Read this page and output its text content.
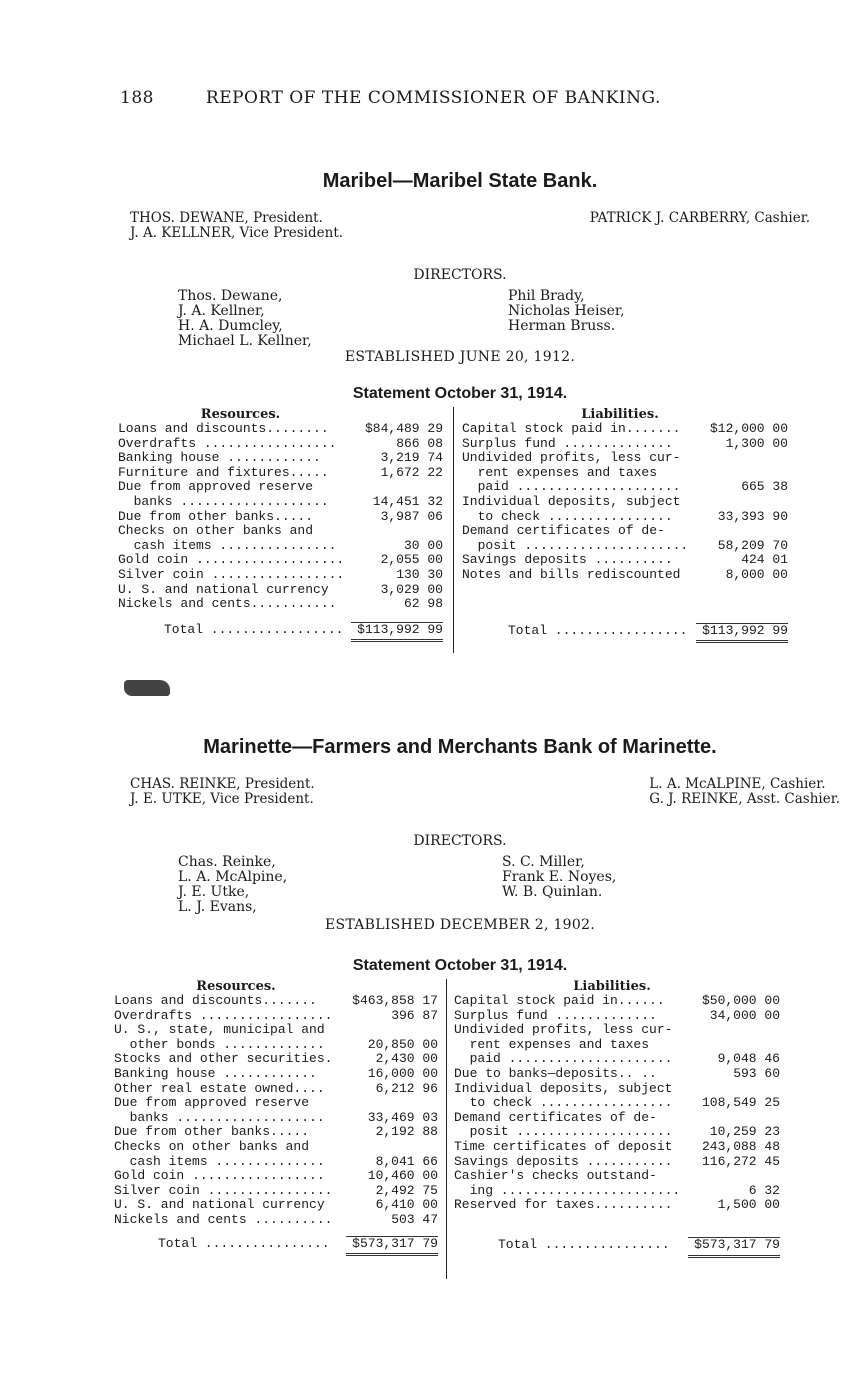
188	REPORT OF THE COMMISSIONER OF BANKING.
Maribel—Maribel State Bank.
THOS. DEWANE, President.
J. A. KELLNER, Vice President.
PATRICK J. CARBERRY, Cashier.
DIRECTORS.
Thos. Dewane,
J. A. Kellner,
H. A. Dumcley,
Michael L. Kellner,
Phil Brady,
Nicholas Heiser,
Herman Bruss.
ESTABLISHED JUNE 20, 1912.
Statement October 31, 1914.
Resources.
Loans and discounts........	$84,489 29
Overdrafts .................	866 08
Banking house ............	3,219 74
Furniture and fixtures.....	1,672 22
Due from approved reserve
banks ...................	14,451 32
Due from other banks.....	3,987 06
Checks on other banks and
cash items ...............	30 00
Gold coin ...................	2,055 00
Silver coin .................	130 30
U. S. and national currency	3,029 00
Nickels and cents...........	62 98
Total .................	$113,992 99
Liabilities.
Capital stock paid in.......	$12,000 00
Surplus fund ..............	1,300 00
Undivided profits, less cur-
rent expenses and taxes
paid .....................	665 38
Individual deposits, subject
to check ................	33,393 90
Demand certificates of de-
posit .....................	58,209 70
Savings deposits ..........	424 01
Notes and bills rediscounted	8,000 00
Total .................	$113,992 99
Marinette—Farmers and Merchants Bank of Marinette.
CHAS. REINKE, President.
J. E. UTKE, Vice President.
L. A. McALPINE, Cashier.
G. J. REINKE, Asst. Cashier.
DIRECTORS.
Chas. Reinke,
L. A. McAlpine,
J. E. Utke,
L. J. Evans,
S. C. Miller,
Frank E. Noyes,
W. B. Quinlan.
ESTABLISHED DECEMBER 2, 1902.
Statement October 31, 1914.
Resources.
Loans and discounts.......	$463,858 17
Overdrafts .................	396 87
U. S., state, municipal and
other bonds .............	20,850 00
Stocks and other securities.	2,430 00
Banking house ............	16,000 00
Other real estate owned....	6,212 96
Due from approved reserve
banks ...................	33,469 03
Due from other banks.....	2,192 88
Checks on other banks and
cash items ..............	8,041 66
Gold coin .................	10,460 00
Silver coin ................	2,492 75
U. S. and national currency	6,410 00
Nickels and cents ..........	503 47
Total ................	$573,317 79
Liabilities.
Capital stock paid in......	$50,000 00
Surplus fund .............	34,000 00
Undivided profits, less cur-
rent expenses and taxes
paid .....................	9,048 46
Due to banks—deposits.. ..	593 60
Individual deposits, subject
to check .................	108,549 25
Demand certificates of de-
posit ....................	10,259 23
Time certificates of deposit	243,088 48
Savings deposits ...........	116,272 45
Cashier's checks outstand-
ing .......................	6 32
Reserved for taxes..........	1,500 00
Total ................	$573,317 79
